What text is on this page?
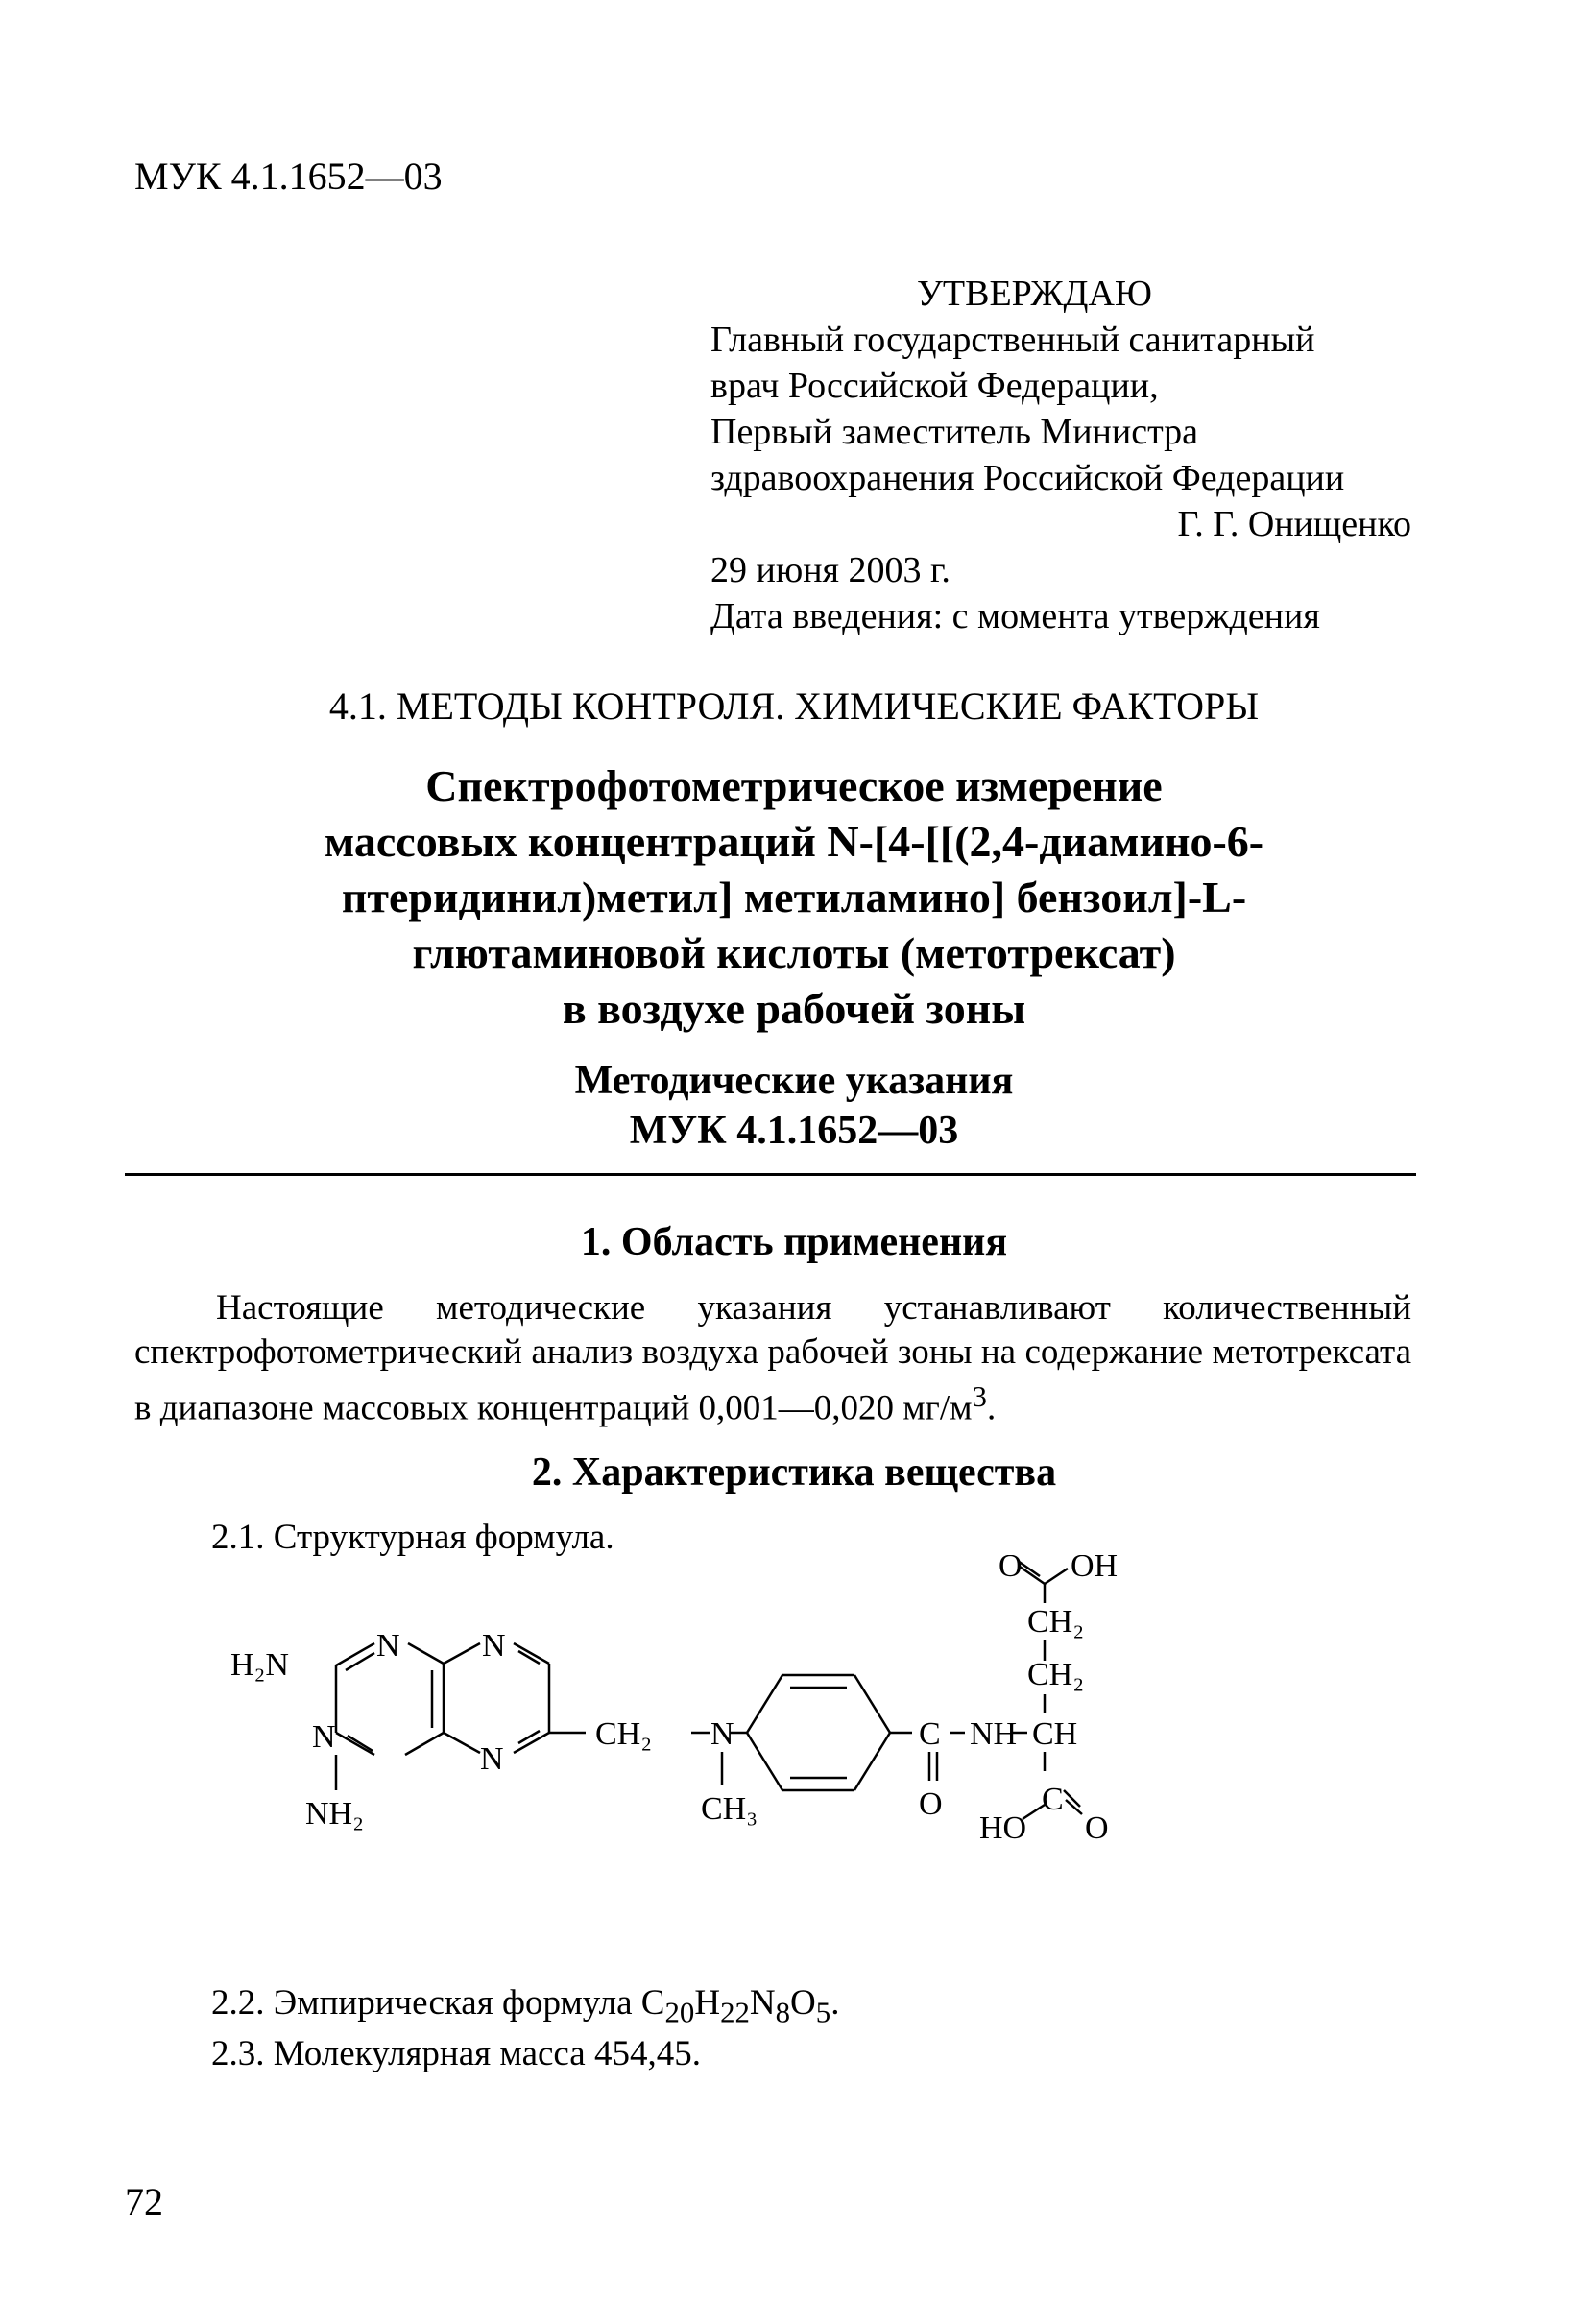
МУК 4.1.1652—03
УТВЕРЖДАЮ
Главный государственный санитарный
врач Российской Федерации,
Первый заместитель Министра
здравоохранения Российской Федерации
Г. Г. Онищенко
29 июня 2003 г.
Дата введения: с момента утверждения
4.1. МЕТОДЫ КОНТРОЛЯ. ХИМИЧЕСКИЕ ФАКТОРЫ
Спектрофотометрическое измерение
массовых концентраций N-[4-[[(2,4-диамино-6-
птеридинил)метил] метиламино] бензоил]-L-
глютаминовой кислоты (метотрексат)
в воздухе рабочей зоны
Методические указания
МУК 4.1.1652—03
1. Область применения
Настоящие методические указания устанавливают количественный спектрофотометрический анализ воздуха рабочей зоны на содержание метотрексата в диапазоне массовых концентраций 0,001—0,020 $мг/м^3$.
2. Характеристика вещества
2.1. Структурная формула.
H₂N
N	N
N
N
NH₂
CH₂ N
CH₃
C
O
NH CH
CH₂
CH₂
O OH
HO
C
O
2.2. Эмпирическая формула $C_{20}H_{22}N_8O_5$.
2.3. Молекулярная масса 454,45.
72
